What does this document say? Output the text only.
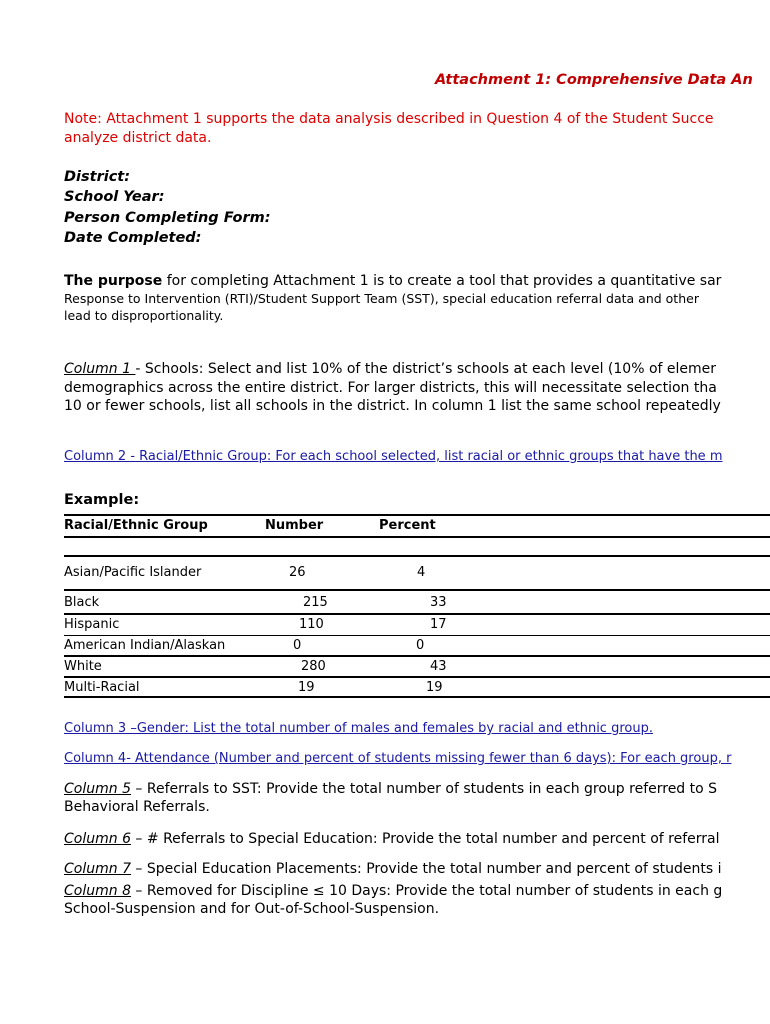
Attachment 1: Comprehensive Data An
Note: Attachment 1 supports the data analysis described in Question 4 of the Student Succe
analyze district data.
District:
School Year:
Person Completing Form:
Date Completed:
The purpose for completing Attachment 1 is to create a tool that provides a quantitative sar
Response to Intervention (RTI)/Student Support Team (SST), special education referral data and other
lead to disproportionality.
Column 1 - Schools: Select and list 10% of the district’s schools at each level (10% of elemer
demographics across the entire district. For larger districts, this will necessitate selection tha
10 or fewer schools, list all schools in the district. In column 1 list the same school repeatedly
Column 2 - Racial/Ethnic Group: For each school selected, list racial or ethnic groups that have the m
Example:
Racial/Ethnic Group	Number	Percent
Asian/Pacific Islander	26	4
Black	215	33
Hispanic	110	17
American Indian/Alaskan	0	0
White	280	43
Multi-Racial	19	19
Column 3 –Gender: List the total number of males and females by racial and ethnic group.
Column 4- Attendance (Number and percent of students missing fewer than 6 days): For each group, r
Column 5 – Referrals to SST: Provide the total number of students in each group referred to S
Behavioral Referrals.
Column 6 – # Referrals to Special Education: Provide the total number and percent of referral
Column 7 – Special Education Placements: Provide the total number and percent of students i
Column 8 – Removed for Discipline ≤ 10 Days: Provide the total number of students in each g
School-Suspension and for Out-of-School-Suspension.
